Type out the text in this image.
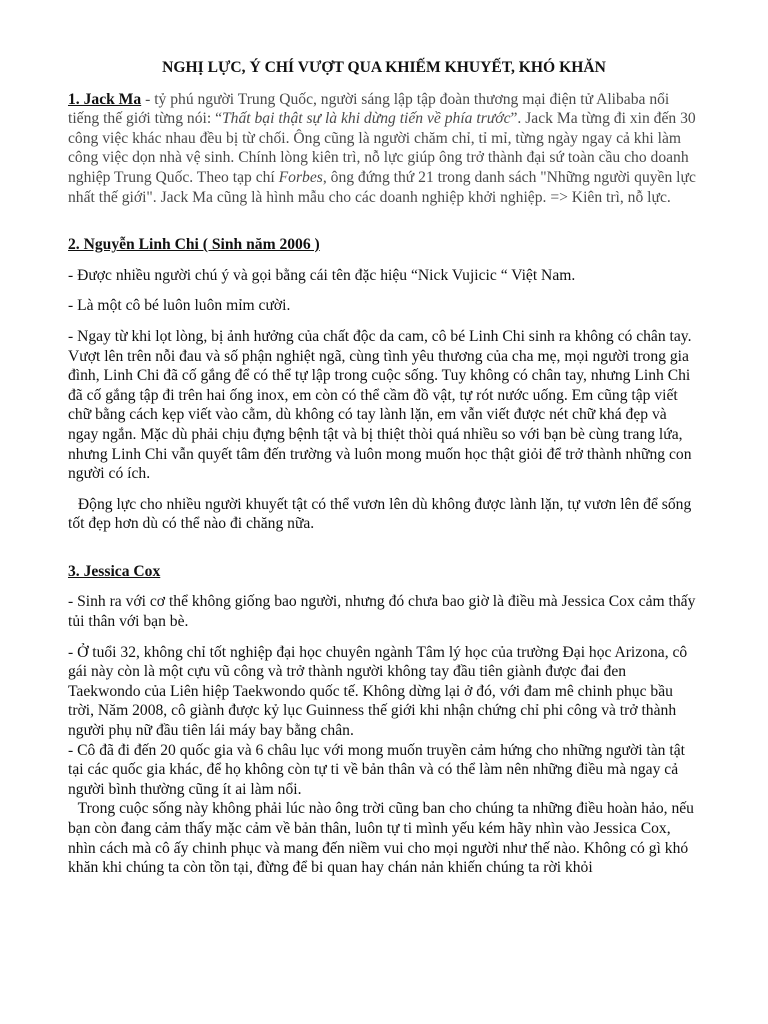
NGHỊ LỰC, Ý CHÍ VƯỢT QUA KHIẾM KHUYẾT, KHÓ KHĂN

1. Jack Ma - tỷ phú người Trung Quốc, người sáng lập tập đoàn thương mại điện tử Alibaba nổi tiếng thế giới từng nói: “Thất bại thật sự là khi dừng tiến về phía trước”. Jack Ma từng đi xin đến 30 công việc khác nhau đều bị từ chối. Ông cũng là người chăm chỉ, tỉ mỉ, từng ngày ngay cả khi làm công việc dọn nhà vệ sinh. Chính lòng kiên trì, nỗ lực giúp ông trở thành đại sứ toàn cầu cho doanh nghiệp Trung Quốc. Theo tạp chí Forbes, ông đứng thứ 21 trong danh sách "Những người quyền lực nhất thế giới". Jack Ma cũng là hình mẫu cho các doanh nghiệp khởi nghiệp. => Kiên trì, nỗ lực.

2. Nguyễn Linh Chi ( Sinh năm 2006 )

- Được nhiều người chú ý và gọi bằng cái tên đặc hiệu “Nick Vujicic “ Việt Nam.

- Là một cô bé luôn luôn mỉm cười.

- Ngay từ khi lọt lòng, bị ảnh hưởng của chất độc da cam, cô bé Linh Chi sinh ra không có chân tay. Vượt lên trên nỗi đau và số phận nghiệt ngã, cùng tình yêu thương của cha mẹ, mọi người trong gia đình, Linh Chi đã cố gắng để có thể tự lập trong cuộc sống. Tuy không có chân tay, nhưng Linh Chi đã cố gắng tập đi trên hai ống inox, em còn có thể cầm đồ vật, tự rót nước uống. Em cũng tập viết chữ bằng cách kẹp viết vào cằm, dù không có tay lành lặn, em vẫn viết được nét chữ khá đẹp và ngay ngắn. Mặc dù phải chịu đựng bệnh tật và bị thiệt thòi quá nhiều so với bạn bè cùng trang lứa, nhưng Linh Chi vẫn quyết tâm đến trường và luôn mong muốn học thật giỏi để trở thành những con người có ích.

Động lực cho nhiều người khuyết tật có thể vươn lên dù không được lành lặn, tự vươn lên để sống tốt đẹp hơn dù có thể nào đi chăng nữa.

3. Jessica Cox

- Sinh ra với cơ thể không giống bao người, nhưng đó chưa bao giờ là điều mà Jessica Cox cảm thấy tủi thân với bạn bè.

- Ở tuổi 32, không chỉ tốt nghiệp đại học chuyên ngành Tâm lý học của trường Đại học Arizona, cô gái này còn là một cựu vũ công và trở thành người không tay đầu tiên giành được đai đen Taekwondo của Liên hiệp Taekwondo quốc tế. Không dừng lại ở đó, với đam mê chinh phục bầu trời, Năm 2008, cô giành được kỷ lục Guinness thế giới khi nhận chứng chỉ phi công và trở thành người phụ nữ đầu tiên lái máy bay bằng chân.

- Cô đã đi đến 20 quốc gia và 6 châu lục với mong muốn truyền cảm hứng cho những người tàn tật tại các quốc gia khác, để họ không còn tự ti về bản thân và có thể làm nên những điều mà ngay cả người bình thường cũng ít ai làm nổi.

Trong cuộc sống này không phải lúc nào ông trời cũng ban cho chúng ta những điều hoàn hảo, nếu bạn còn đang cảm thấy mặc cảm về bản thân, luôn tự ti mình yếu kém hãy nhìn vào Jessica Cox, nhìn cách mà cô ấy chinh phục và mang đến niềm vui cho mọi người như thế nào. Không có gì khó khăn khi chúng ta còn tồn tại, đừng để bi quan hay chán nản khiến chúng ta rời khỏi
